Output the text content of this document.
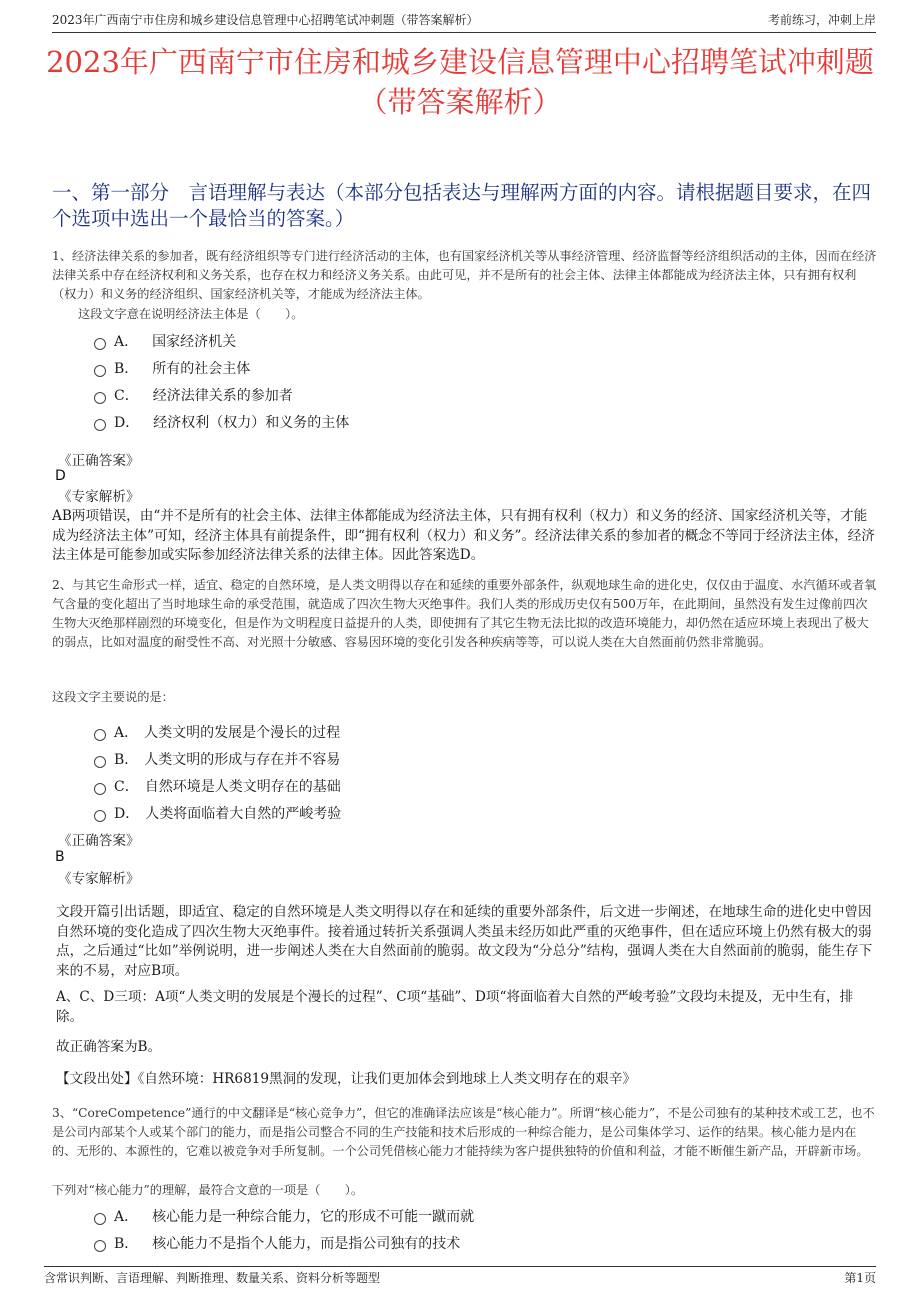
2023年广西南宁市住房和城乡建设信息管理中心招聘笔试冲刺题（带答案解析）	考前练习，冲刺上岸
2023年广西南宁市住房和城乡建设信息管理中心招聘笔试冲刺题（带答案解析）
一、第一部分　言语理解与表达（本部分包括表达与理解两方面的内容。请根据题目要求，在四个选项中选出一个最恰当的答案。）
1、经济法律关系的参加者，既有经济组织等专门进行经济活动的主体，也有国家经济机关等从事经济管理、经济监督等经济组织活动的主体，因而在经济法律关系中存在经济权利和义务关系，也存在权力和经济义务关系。由此可见，并不是所有的社会主体、法律主体都能成为经济法主体，只有拥有权利（权力）和义务的经济组织、国家经济机关等，才能成为经济法主体。
这段文字意在说明经济法主体是（　　）。
A． 国家经济机关
B． 所有的社会主体
C． 经济法律关系的参加者
D． 经济权利（权力）和义务的主体
《正确答案》
D
《专家解析》
AB两项错误，由“并不是所有的社会主体、法律主体都能成为经济法主体，只有拥有权利（权力）和义务的经济、国家经济机关等，才能成为经济法主体”可知，经济主体具有前提条件，即“拥有权利（权力）和义务”。经济法律关系的参加者的概念不等同于经济法主体，经济法主体是可能参加或实际参加经济法律关系的法律主体。因此答案选D。
2、与其它生命形式一样，适宜、稳定的自然环境，是人类文明得以存在和延续的重要外部条件，纵观地球生命的进化史，仅仅由于温度、水汽循环或者氧气含量的变化超出了当时地球生命的承受范围，就造成了四次生物大灭绝事件。我们人类的形成历史仅有500万年，在此期间，虽然没有发生过像前四次生物大灭绝那样剧烈的环境变化，但是作为文明程度日益提升的人类，即使拥有了其它生物无法比拟的改造环境能力，却仍然在适应环境上表现出了极大的弱点，比如对温度的耐受性不高、对光照十分敏感、容易因环境的变化引发各种疾病等等，可以说人类在大自然面前仍然非常脆弱。
这段文字主要说的是：
A． 人类文明的发展是个漫长的过程
B． 人类文明的形成与存在并不容易
C． 自然环境是人类文明存在的基础
D． 人类将面临着大自然的严峻考验
《正确答案》
B
《专家解析》
文段开篇引出话题，即适宜、稳定的自然环境是人类文明得以存在和延续的重要外部条件，后文进一步阐述，在地球生命的进化史中曾因自然环境的变化造成了四次生物大灭绝事件。接着通过转折关系强调人类虽未经历如此严重的灭绝事件，但在适应环境上仍然有极大的弱点，之后通过“比如”举例说明，进一步阐述人类在大自然面前的脆弱。故文段为“分总分”结构，强调人类在大自然面前的脆弱，能生存下来的不易，对应B项。
A、C、D三项：A项“人类文明的发展是个漫长的过程”、C项“基础”、D项“将面临着大自然的严峻考验”文段均未提及，无中生有，排除。
故正确答案为B。
【文段出处】《自然环境：HR6819黑洞的发现，让我们更加体会到地球上人类文明存在的艰辛》
3、“CoreCompetence”通行的中文翻译是“核心竞争力”，但它的准确译法应该是“核心能力”。所谓“核心能力”，不是公司独有的某种技术或工艺，也不是公司内部某个人或某个部门的能力，而是指公司整合不同的生产技能和技术后形成的一种综合能力，是公司集体学习、运作的结果。核心能力是内在的、无形的、本源性的，它难以被竞争对手所复制。一个公司凭借核心能力才能持续为客户提供独特的价值和利益，才能不断催生新产品，开辟新市场。
下列对“核心能力”的理解，最符合文意的一项是（　　）。
A． 核心能力是一种综合能力，它的形成不可能一蹴而就
B． 核心能力不是指个人能力，而是指公司独有的技术
含常识判断、言语理解、判断推理、数量关系、资料分析等题型	第1页
